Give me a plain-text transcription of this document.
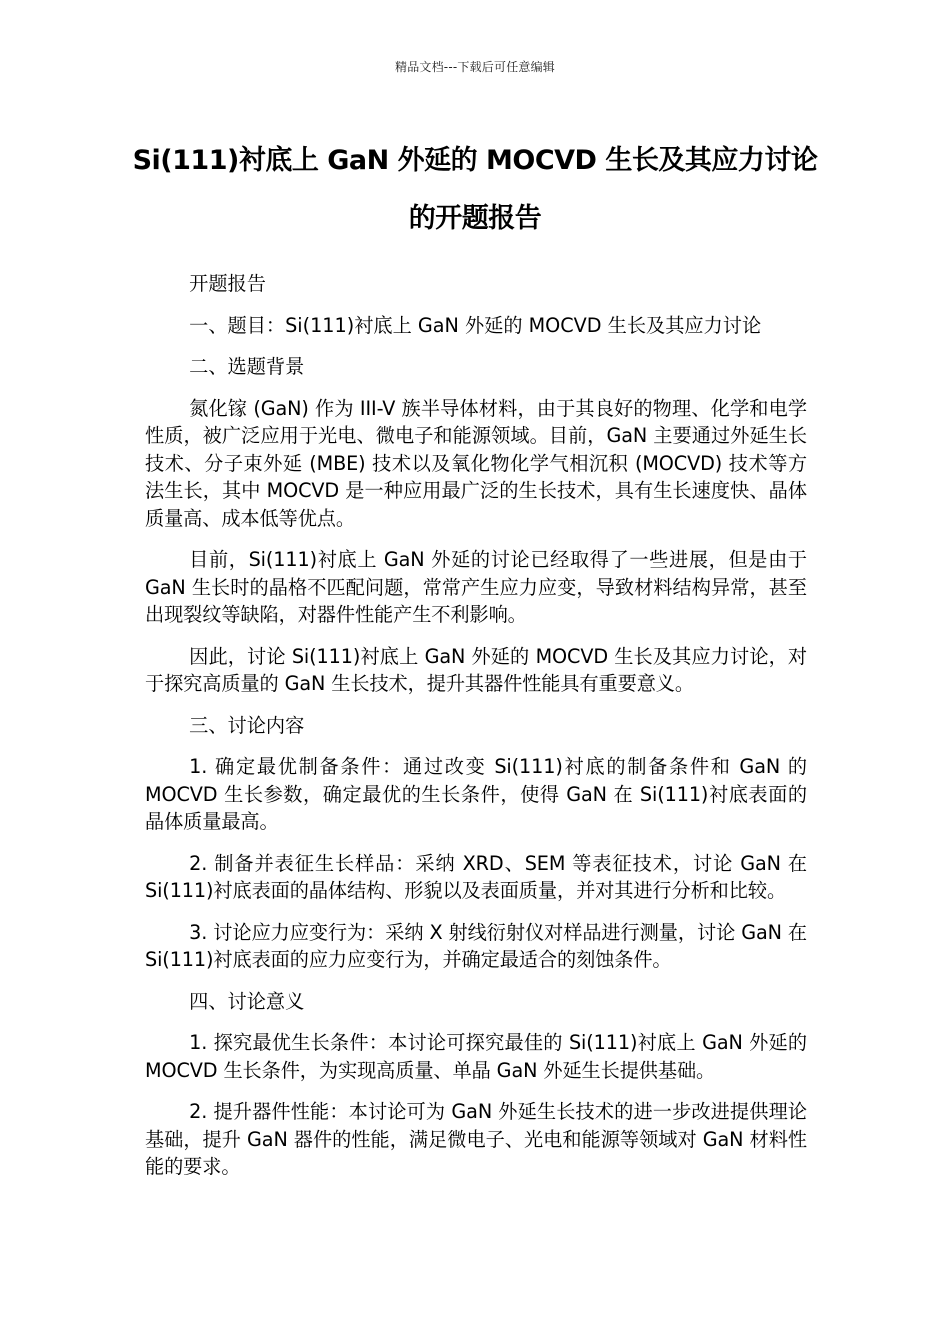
精品文档---下载后可任意编辑
Si(111)衬底上 GaN 外延的 MOCVD 生长及其应力讨论的开题报告

开题报告

一、题目：Si(111)衬底上 GaN 外延的 MOCVD 生长及其应力讨论

二、选题背景

氮化镓 (GaN) 作为 III-V 族半导体材料，由于其良好的物理、化学和电学性质，被广泛应用于光电、微电子和能源领域。目前，GaN 主要通过外延生长技术、分子束外延 (MBE) 技术以及氧化物化学气相沉积 (MOCVD) 技术等方法生长，其中 MOCVD 是一种应用最广泛的生长技术，具有生长速度快、晶体质量高、成本低等优点。

目前，Si(111)衬底上 GaN 外延的讨论已经取得了一些进展，但是由于 GaN 生长时的晶格不匹配问题，常常产生应力应变，导致材料结构异常，甚至出现裂纹等缺陷，对器件性能产生不利影响。

因此，讨论 Si(111)衬底上 GaN 外延的 MOCVD 生长及其应力讨论，对于探究高质量的 GaN 生长技术，提升其器件性能具有重要意义。

三、讨论内容

1. 确定最优制备条件：通过改变 Si(111)衬底的制备条件和 GaN 的 MOCVD 生长参数，确定最优的生长条件，使得 GaN 在 Si(111)衬底表面的晶体质量最高。

2. 制备并表征生长样品：采纳 XRD、SEM 等表征技术，讨论 GaN 在 Si(111)衬底表面的晶体结构、形貌以及表面质量，并对其进行分析和比较。

3. 讨论应力应变行为：采纳 X 射线衍射仪对样品进行测量，讨论 GaN 在 Si(111)衬底表面的应力应变行为，并确定最适合的刻蚀条件。

四、讨论意义

1. 探究最优生长条件：本讨论可探究最佳的 Si(111)衬底上 GaN 外延的 MOCVD 生长条件，为实现高质量、单晶 GaN 外延生长提供基础。

2. 提升器件性能：本讨论可为 GaN 外延生长技术的进一步改进提供理论基础，提升 GaN 器件的性能，满足微电子、光电和能源等领域对 GaN 材料性能的要求。
